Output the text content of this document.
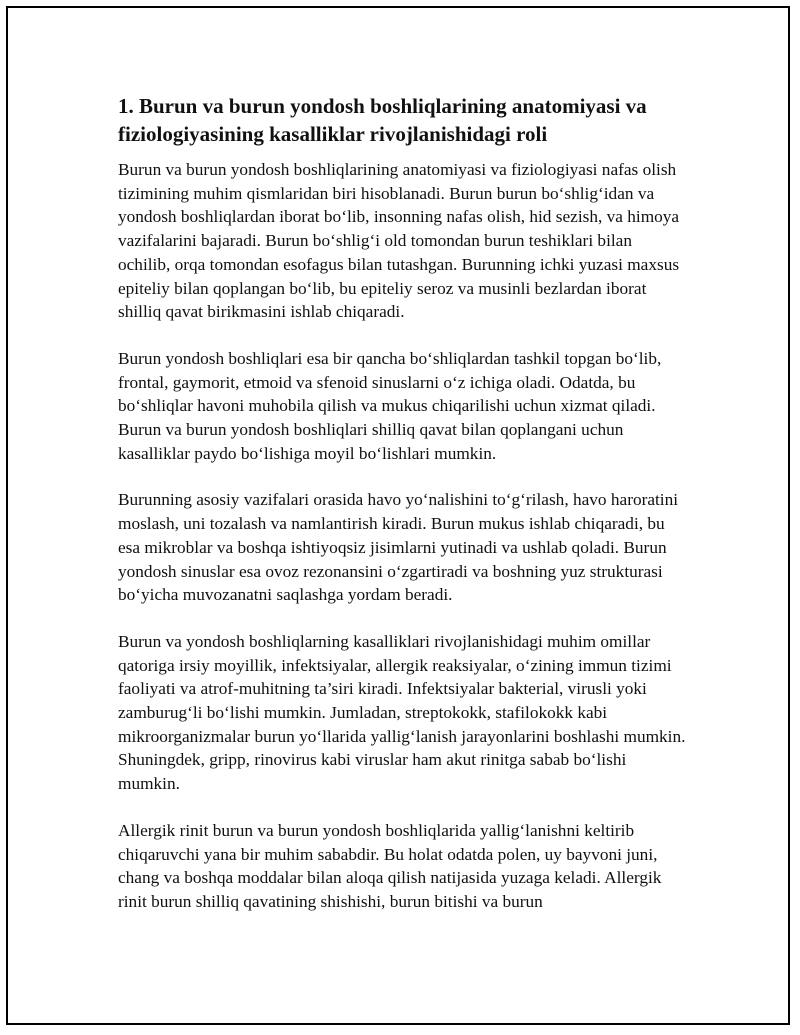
1. Burun va burun yondosh boshliqlarining anatomiyasi va fiziologiyasining kasalliklar rivojlanishidagi roli

Burun va burun yondosh boshliqlarining anatomiyasi va fiziologiyasi nafas olish tizimining muhim qismlaridan biri hisoblanadi. Burun burun bo‘shlig‘idan va yondosh boshliqlardan iborat bo‘lib, insonning nafas olish, hid sezish, va himoya vazifalarini bajaradi. Burun bo‘shlig‘i old tomondan burun teshiklari bilan ochilib, orqa tomondan esofagus bilan tutashgan. Burunning ichki yuzasi maxsus epiteliy bilan qoplangan bo‘lib, bu epiteliy seroz va musinli bezlardan iborat shilliq qavat birikmasini ishlab chiqaradi.

Burun yondosh boshliqlari esa bir qancha bo‘shliqlardan tashkil topgan bo‘lib, frontal, gaymorit, etmoid va sfenoid sinuslarni o‘z ichiga oladi. Odatda, bu bo‘shliqlar havoni muhobila qilish va mukus chiqarilishi uchun xizmat qiladi. Burun va burun yondosh boshliqlari shilliq qavat bilan qoplangani uchun kasalliklar paydo bo‘lishiga moyil bo‘lishlari mumkin.

Burunning asosiy vazifalari orasida havo yo‘nalishini to‘g‘rilash, havo haroratini moslash, uni tozalash va namlantirish kiradi. Burun mukus ishlab chiqaradi, bu esa mikroblar va boshqa ishtiyoqsiz jisimlarni yutinadi va ushlab qoladi. Burun yondosh sinuslar esa ovoz rezonansini o‘zgartiradi va boshning yuz strukturasi bo‘yicha muvozanatni saqlashga yordam beradi.

Burun va yondosh boshliqlarning kasalliklari rivojlanishidagi muhim omillar qatoriga irsiy moyillik, infektsiyalar, allergik reaksiyalar, o‘zining immun tizimi faoliyati va atrof-muhitning ta’siri kiradi. Infektsiyalar bakterial, virusli yoki zamburug‘li bo‘lishi mumkin. Jumladan, streptokokk, stafilokokk kabi mikroorganizmalar burun yo‘llarida yallig‘lanish jarayonlarini boshlashi mumkin. Shuningdek, gripp, rinovirus kabi viruslar ham akut rinitga sabab bo‘lishi mumkin.

Allergik rinit burun va burun yondosh boshliqlarida yallig‘lanishni keltirib chiqaruvchi yana bir muhim sababdir. Bu holat odatda polen, uy bayvoni juni, chang va boshqa moddalar bilan aloqa qilish natijasida yuzaga keladi. Allergik rinit burun shilliq qavatining shishishi, burun bitishi va burun
